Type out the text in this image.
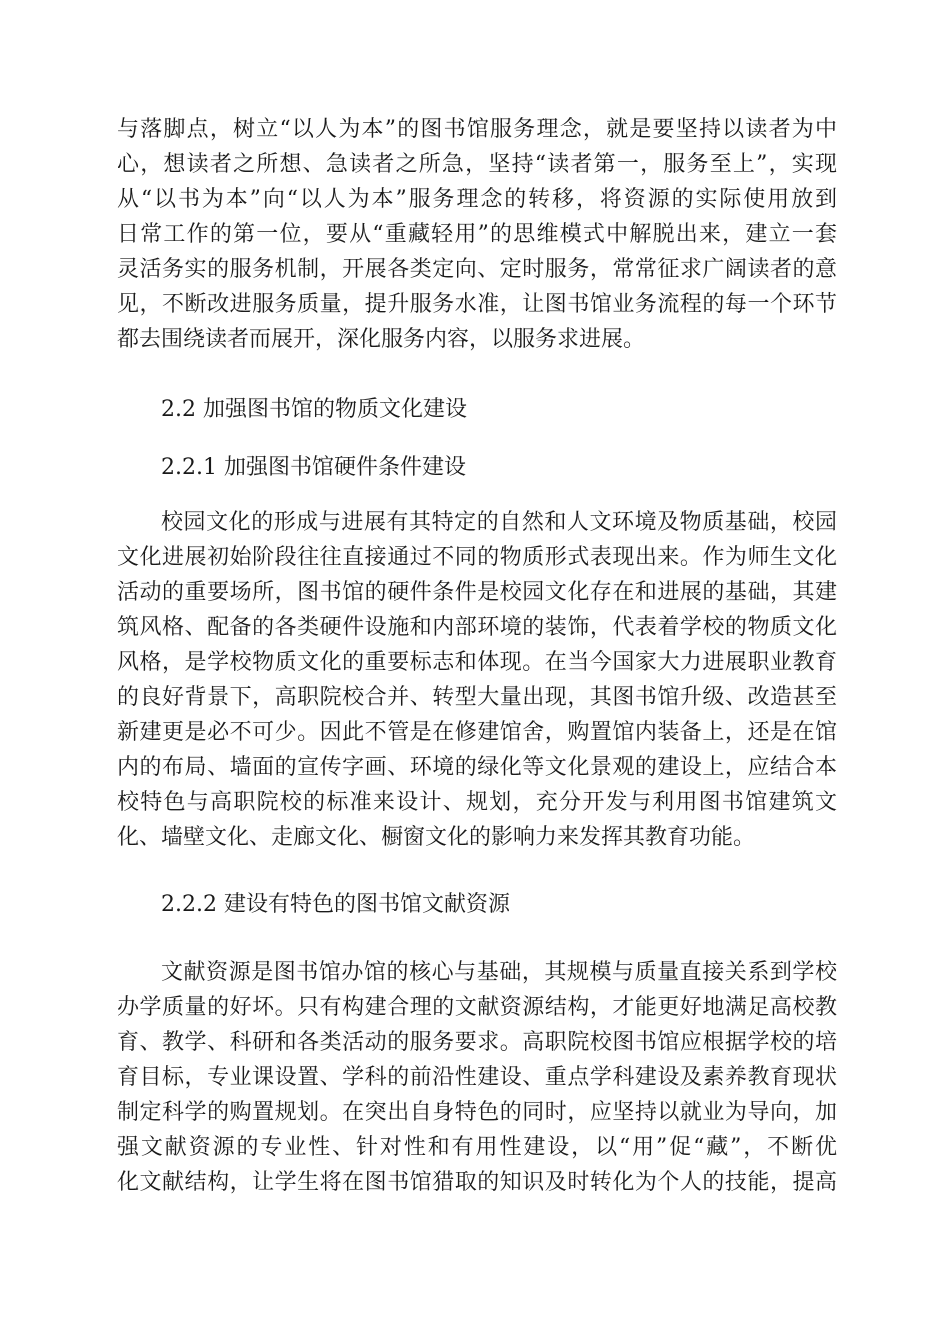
与落脚点，树立“以人为本”的图书馆服务理念，就是要坚持以读者为中
心，想读者之所想、急读者之所急，坚持“读者第一，服务至上”，实现
从“以书为本”向“以人为本”服务理念的转移，将资源的实际使用放到
日常工作的第一位，要从“重藏轻用”的思维模式中解脱出来，建立一套
灵活务实的服务机制，开展各类定向、定时服务，常常征求广阔读者的意
见，不断改进服务质量，提升服务水准，让图书馆业务流程的每一个环节
都去围绕读者而展开，深化服务内容，以服务求进展。
2.2 加强图书馆的物质文化建设
2.2.1 加强图书馆硬件条件建设
校园文化的形成与进展有其特定的自然和人文环境及物质基础，校园
文化进展初始阶段往往直接通过不同的物质形式表现出来。作为师生文化
活动的重要场所，图书馆的硬件条件是校园文化存在和进展的基础，其建
筑风格、配备的各类硬件设施和内部环境的装饰，代表着学校的物质文化
风格，是学校物质文化的重要标志和体现。在当今国家大力进展职业教育
的良好背景下，高职院校合并、转型大量出现，其图书馆升级、改造甚至
新建更是必不可少。因此不管是在修建馆舍，购置馆内装备上，还是在馆
内的布局、墙面的宣传字画、环境的绿化等文化景观的建设上，应结合本
校特色与高职院校的标准来设计、规划，充分开发与利用图书馆建筑文
化、墙壁文化、走廊文化、橱窗文化的影响力来发挥其教育功能。
2.2.2 建设有特色的图书馆文献资源
文献资源是图书馆办馆的核心与基础，其规模与质量直接关系到学校
办学质量的好坏。只有构建合理的文献资源结构，才能更好地满足高校教
育、教学、科研和各类活动的服务要求。高职院校图书馆应根据学校的培
育目标，专业课设置、学科的前沿性建设、重点学科建设及素养教育现状
制定科学的购置规划。在突出自身特色的同时，应坚持以就业为导向，加
强文献资源的专业性、针对性和有用性建设，以“用”促“藏”，不断优
化文献结构，让学生将在图书馆猎取的知识及时转化为个人的技能，提高
